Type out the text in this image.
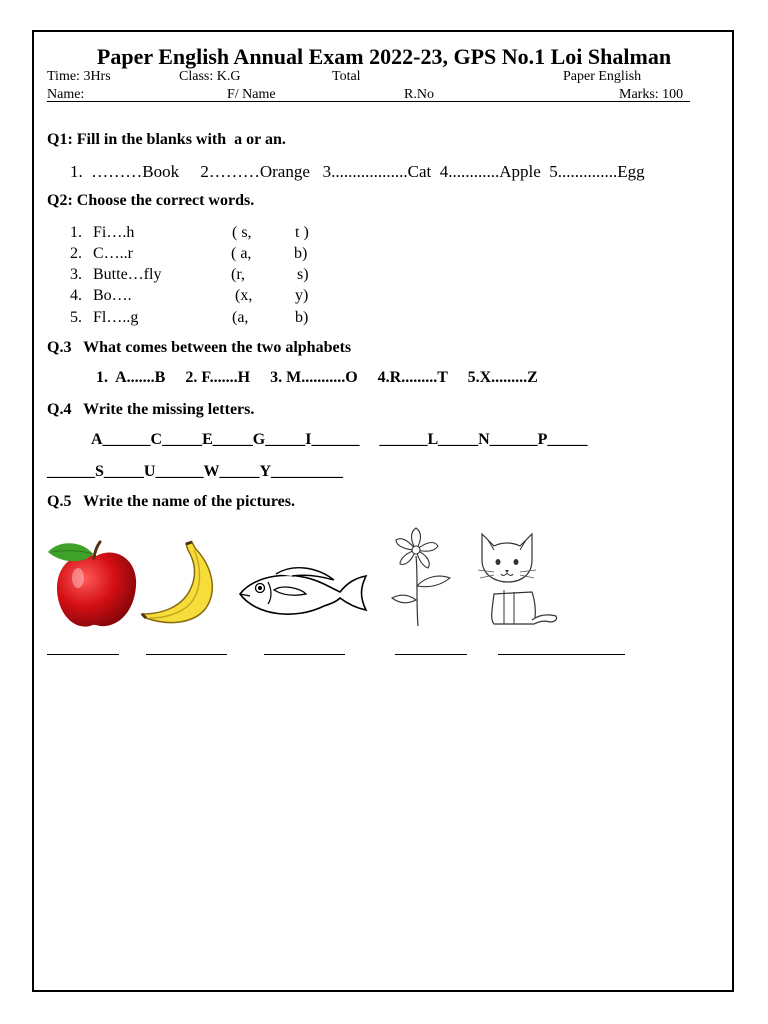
Paper English Annual Exam 2022-23, GPS No.1 Loi Shalman
Time: 3Hrs	Class: K.G	Total	Paper English
Name:	F/ Name	R.No	Marks: 100
Q1: Fill in the blanks with  a or an.
1.  ………Book     2………Orange   3..................Cat  4............Apple  5..............Egg
Q2: Choose the correct words.
1. Fi….h	( s,	t )
2. C…..r	( a,	b)
3. Butte…fly	(r,	s)
4. Bo….	(x,	y)
5. Fl…..g	(a,	b)
Q.3   What comes between the two alphabets
1.  A.......B     2. F.......H     3. M...........O     4.R.........T     5.X.........Z
Q.4   Write the missing letters.
A______C_____E_____G_____I______     ______L_____N______P_____
______S_____U______W_____Y_________
Q.5   Write the name of the pictures.
